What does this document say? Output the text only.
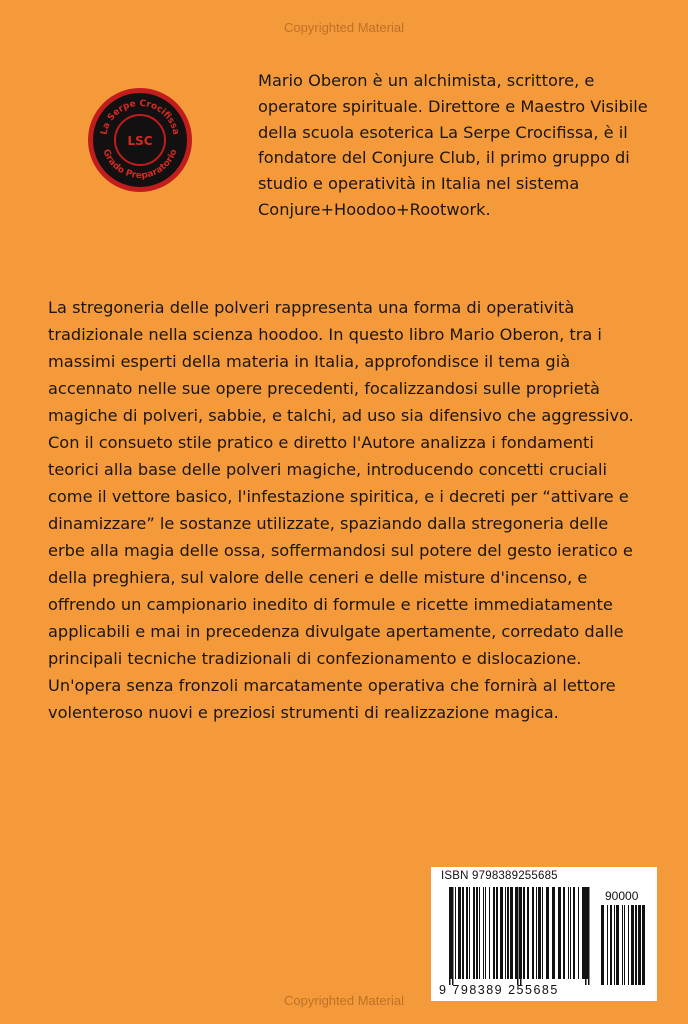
Copyrighted Material
La Serpe Crocifissa
Grado Preparatorio
LSC

Mario Oberon è un alchimista, scrittore, e operatore spirituale. Direttore e Maestro Visibile della scuola esoterica La Serpe Crocifissa, è il fondatore del Conjure Club, il primo gruppo di studio e operatività in Italia nel sistema Conjure+Hoodoo+Rootwork.

La stregoneria delle polveri rappresenta una forma di operatività tradizionale nella scienza hoodoo. In questo libro Mario Oberon, tra i massimi esperti della materia in Italia, approfondisce il tema già accennato nelle sue opere precedenti, focalizzandosi sulle proprietà magiche di polveri, sabbie, e talchi, ad uso sia difensivo che aggressivo. Con il consueto stile pratico e diretto l'Autore analizza i fondamenti teorici alla base delle polveri magiche, introducendo concetti cruciali come il vettore basico, l'infestazione spiritica, e i decreti per “attivare e dinamizzare” le sostanze utilizzate, spaziando dalla stregoneria delle erbe alla magia delle ossa, soffermandosi sul potere del gesto ieratico e della preghiera, sul valore delle ceneri e delle misture d'incenso, e offrendo un campionario inedito di formule e ricette immediatamente applicabili e mai in precedenza divulgate apertamente, corredato dalle principali tecniche tradizionali di confezionamento e dislocazione. Un'opera senza fronzoli marcatamente operativa che fornirà al lettore volenteroso nuovi e preziosi strumenti di realizzazione magica.

ISBN 9798389255685
90000
9 798389 255685
Copyrighted Material
